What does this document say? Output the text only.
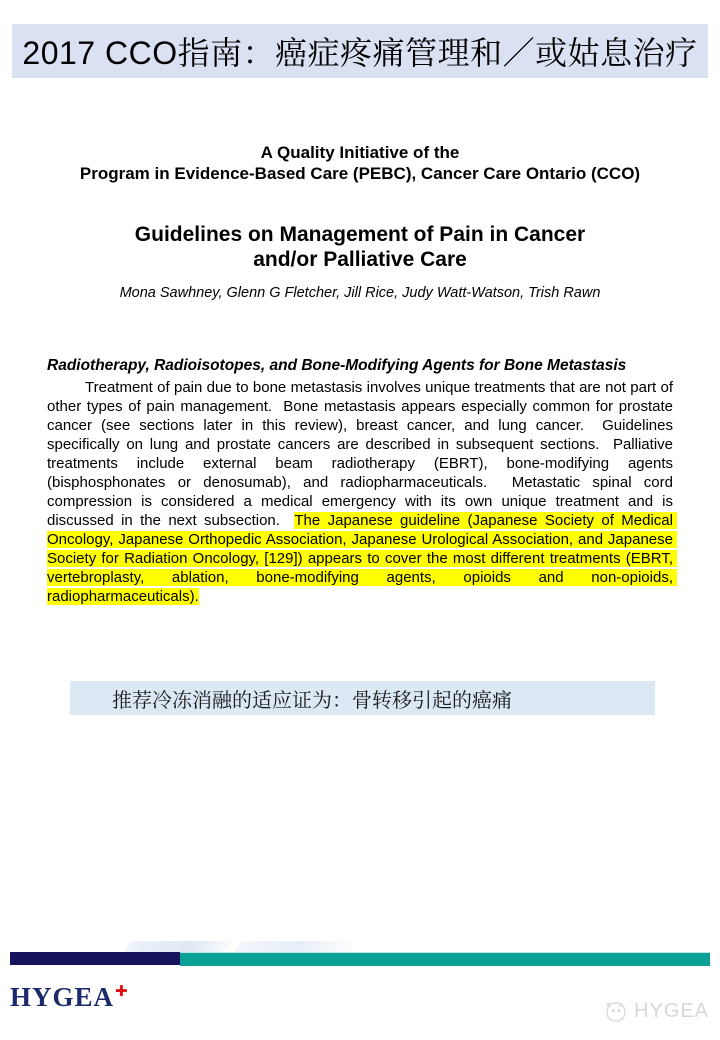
2017 CCO指南：癌症疼痛管理和／或姑息治疗
A Quality Initiative of the
Program in Evidence-Based Care (PEBC), Cancer Care Ontario (CCO)
Guidelines on Management of Pain in Cancer
and/or Palliative Care
Mona Sawhney, Glenn G Fletcher, Jill Rice, Judy Watt-Watson, Trish Rawn
Radiotherapy, Radioisotopes, and Bone-Modifying Agents for Bone Metastasis
Treatment of pain due to bone metastasis involves unique treatments that are not part of other types of pain management.  Bone metastasis appears especially common for prostate cancer (see sections later in this review), breast cancer, and lung cancer.  Guidelines specifically on lung and prostate cancers are described in subsequent sections.  Palliative treatments include external beam radiotherapy (EBRT), bone-modifying agents (bisphosphonates or denosumab), and radiopharmaceuticals.  Metastatic spinal cord compression is considered a medical emergency with its own unique treatment and is discussed in the next subsection.  The Japanese guideline (Japanese Society of Medical Oncology, Japanese Orthopedic Association, Japanese Urological Association, and Japanese Society for Radiation Oncology, [129]) appears to cover the most different treatments (EBRT, vertebroplasty, ablation, bone-modifying agents, opioids and non-opioids, radiopharmaceuticals).
推荐冷冻消融的适应证为：骨转移引起的癌痛
HYGEA✚
HYGEA
